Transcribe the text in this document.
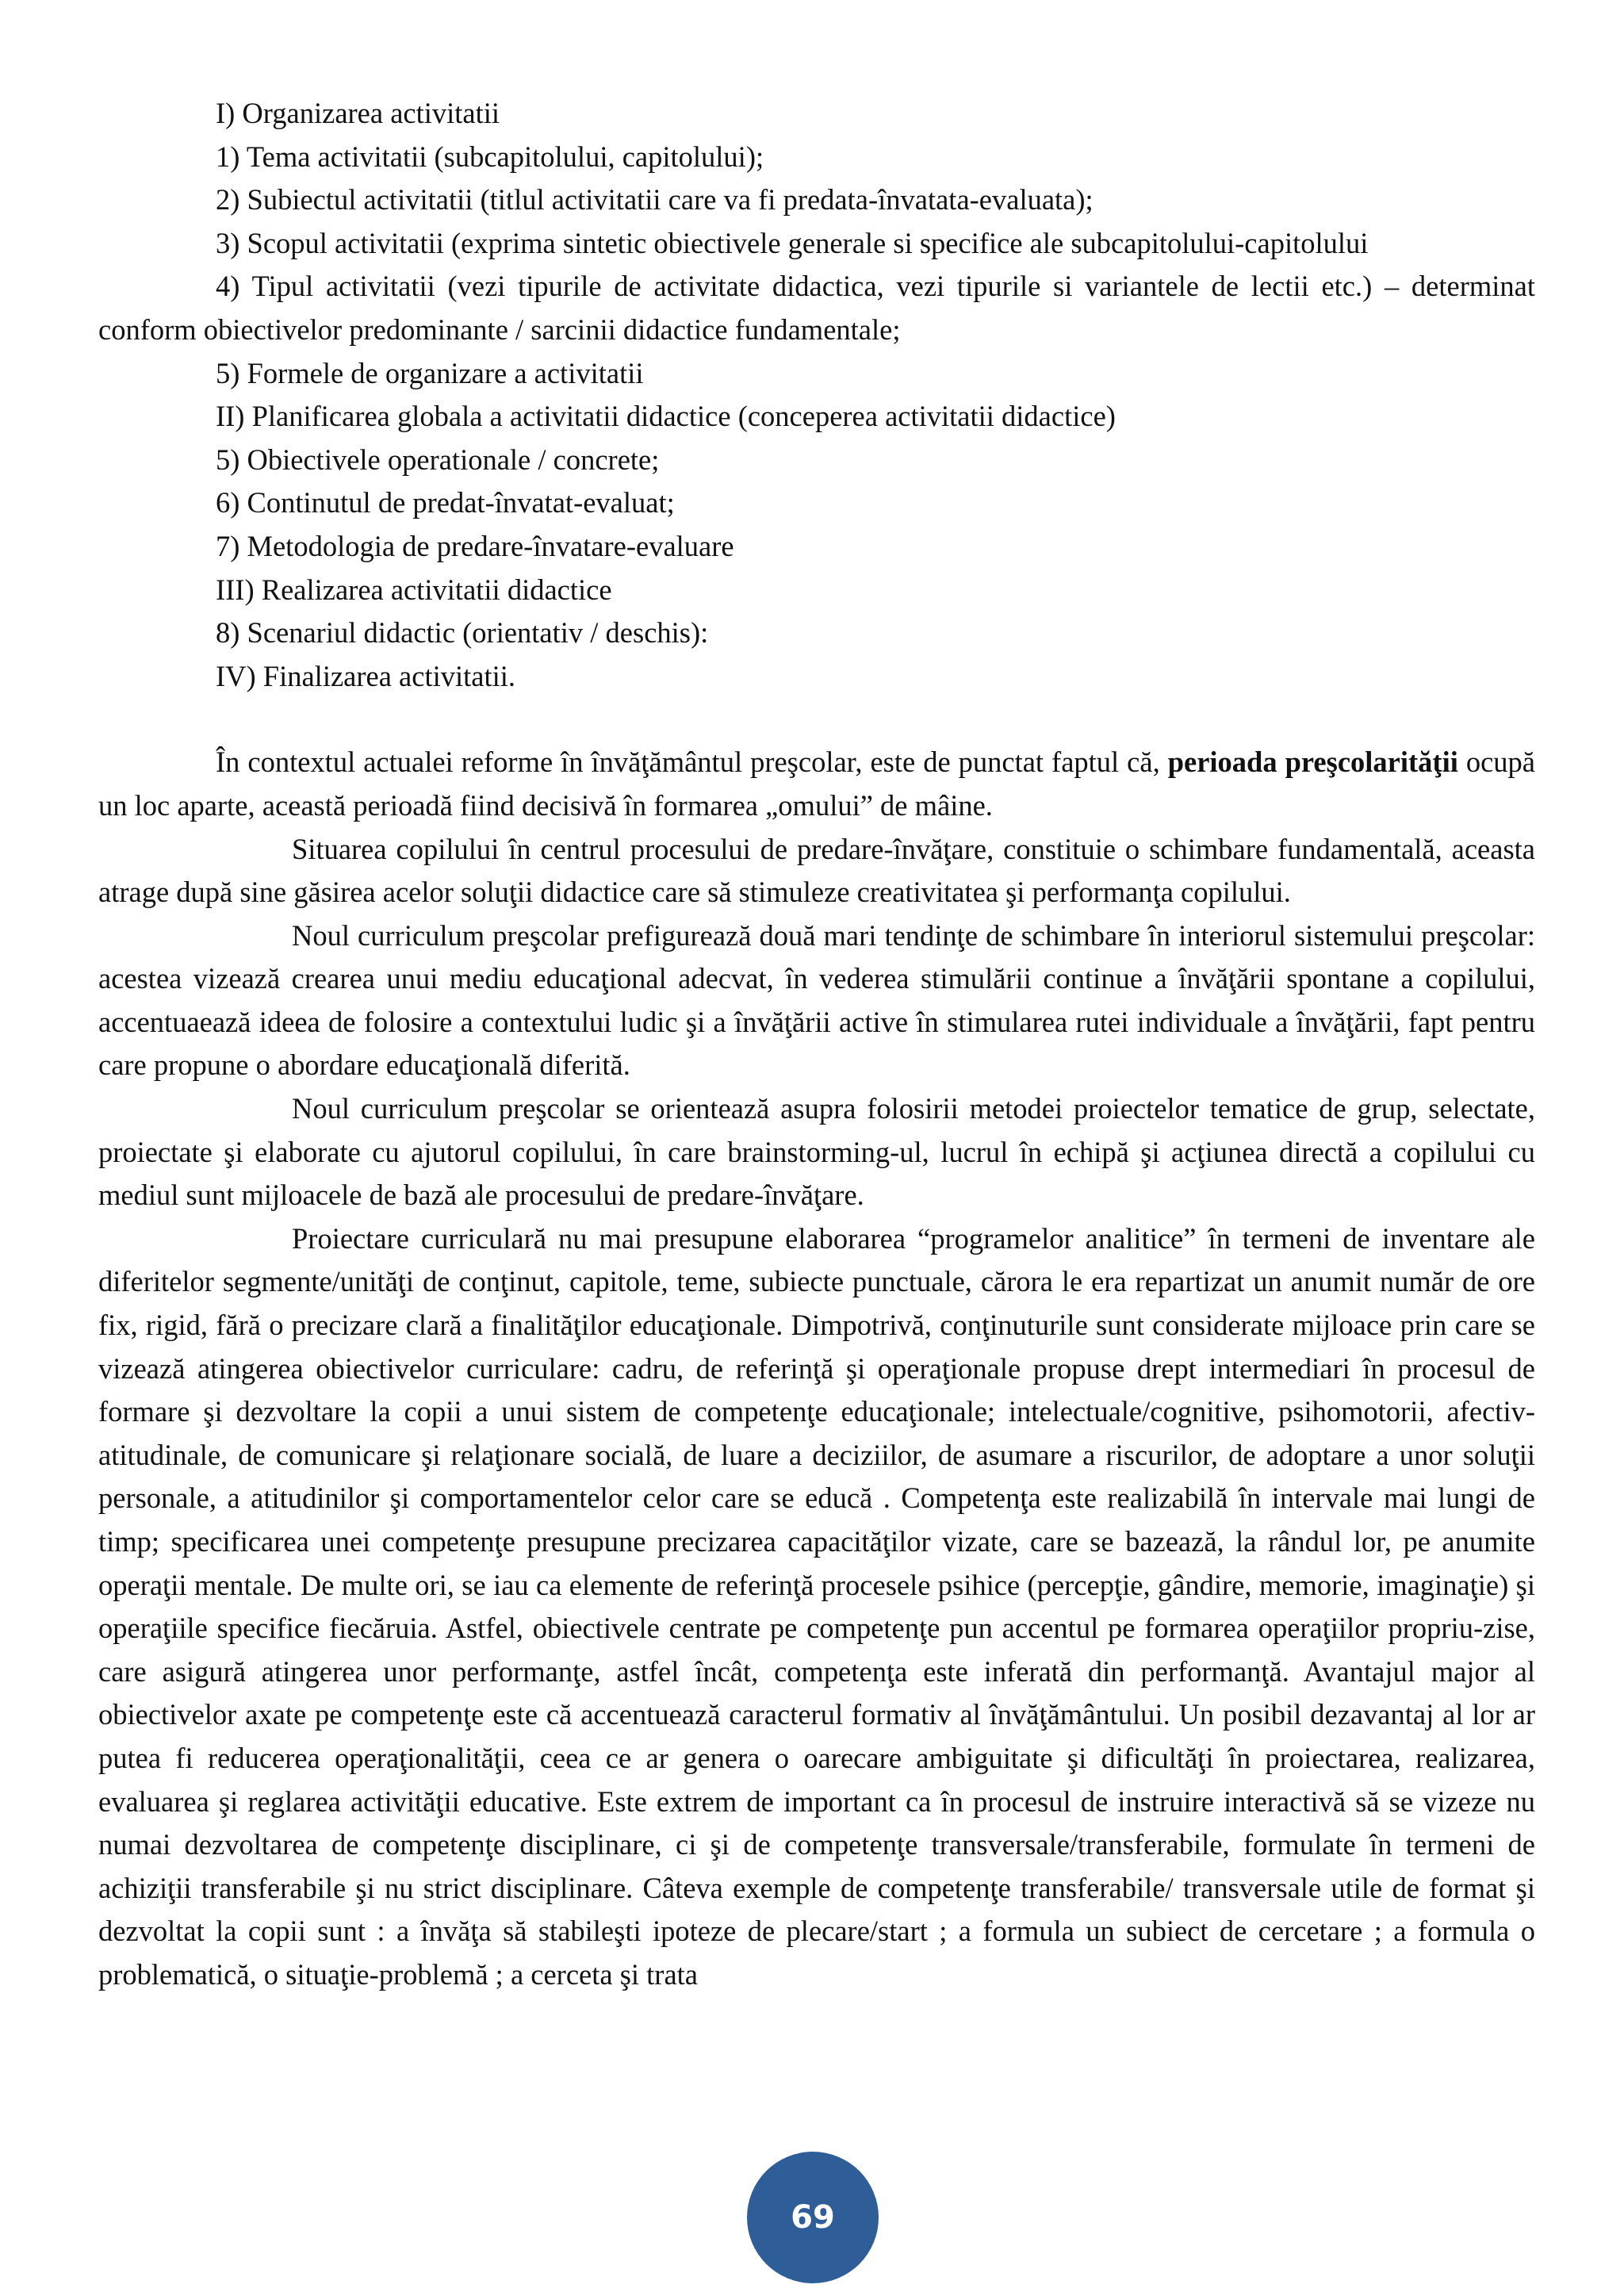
I) Organizarea activitatii

1) Tema activitatii (subcapitolului, capitolului);

2) Subiectul activitatii (titlul activitatii care va fi predata-învatata-evaluata);

3) Scopul activitatii (exprima sintetic obiectivele generale si specifice ale subcapitolului-capitolului

4) Tipul activitatii (vezi tipurile de activitate didactica, vezi tipurile si variantele de lectii etc.) – determinat conform obiectivelor predominante / sarcinii didactice fundamentale;

5) Formele de organizare a activitatii

II) Planificarea globala a activitatii didactice (conceperea activitatii didactice)

5) Obiectivele operationale / concrete;

6) Continutul de predat-învatat-evaluat;

7) Metodologia de predare-învatare-evaluare

III) Realizarea activitatii didactice

8) Scenariul didactic (orientativ / deschis):

IV) Finalizarea activitatii.

În contextul actualei reforme în învăţământul preşcolar, este de punctat faptul că, perioada preşcolarităţii ocupă un loc aparte, această perioadă fiind decisivă în formarea „omului” de mâine.

Situarea copilului în centrul procesului de predare-învăţare, constituie o schimbare fundamentală, aceasta atrage după sine găsirea acelor soluţii didactice care să stimuleze creativitatea şi performanţa copilului.

Noul curriculum preşcolar prefigurează două mari tendinţe de schimbare în interiorul sistemului preşcolar: acestea vizează crearea unui mediu educaţional adecvat, în vederea stimulării continue a învăţării spontane a copilului, accentuaează ideea de folosire a contextului ludic şi a învăţării active în stimularea rutei individuale a învăţării, fapt pentru care propune o abordare educaţională diferită.

Noul curriculum preşcolar se orientează asupra folosirii metodei proiectelor tematice de grup, selectate, proiectate şi elaborate cu ajutorul copilului, în care brainstorming-ul, lucrul în echipă şi acţiunea directă a copilului cu mediul sunt mijloacele de bază ale procesului de predare-învăţare.

Proiectare curriculară nu mai presupune elaborarea “programelor analitice” în termeni de inventare ale diferitelor segmente/unităţi de conţinut, capitole, teme, subiecte punctuale, cărora le era repartizat un anumit număr de ore fix, rigid, fără o precizare clară a finalităţilor educaţionale. Dimpotrivă, conţinuturile sunt considerate mijloace prin care se vizează atingerea obiectivelor curriculare: cadru, de referinţă şi operaţionale propuse drept intermediari în procesul de formare şi dezvoltare la copii a unui sistem de competenţe educaţionale; intelectuale/cognitive, psihomotorii, afectiv-atitudinale, de comunicare şi relaţionare socială, de luare a deciziilor, de asumare a riscurilor, de adoptare a unor soluţii personale, a atitudinilor şi comportamentelor celor care se educă . Competenţa este realizabilă în intervale mai lungi de timp; specificarea unei competenţe presupune precizarea capacităţilor vizate, care se bazează, la rândul lor, pe anumite operaţii mentale. De multe ori, se iau ca elemente de referinţă procesele psihice (percepţie, gândire, memorie, imaginaţie) şi operaţiile specifice fiecăruia. Astfel, obiectivele centrate pe competenţe pun accentul pe formarea operaţiilor propriu-zise, care asigură atingerea unor performanţe, astfel încât, competenţa este inferată din performanţă. Avantajul major al obiectivelor axate pe competenţe este că accentuează caracterul formativ al învăţământului. Un posibil dezavantaj al lor ar putea fi reducerea operaţionalităţii, ceea ce ar genera o oarecare ambiguitate şi dificultăţi în proiectarea, realizarea, evaluarea şi reglarea activităţii educative. Este extrem de important ca în procesul de instruire interactivă să se vizeze nu numai dezvoltarea de competenţe disciplinare, ci şi de competenţe transversale/transferabile, formulate în termeni de achiziţii transferabile şi nu strict disciplinare. Câteva exemple de competenţe transferabile/ transversale utile de format şi dezvoltat la copii sunt : a învăţa să stabileşti ipoteze de plecare/start ; a formula un subiect de cercetare ; a formula o problematică, o situaţie-problemă ; a cerceta şi trata

69
